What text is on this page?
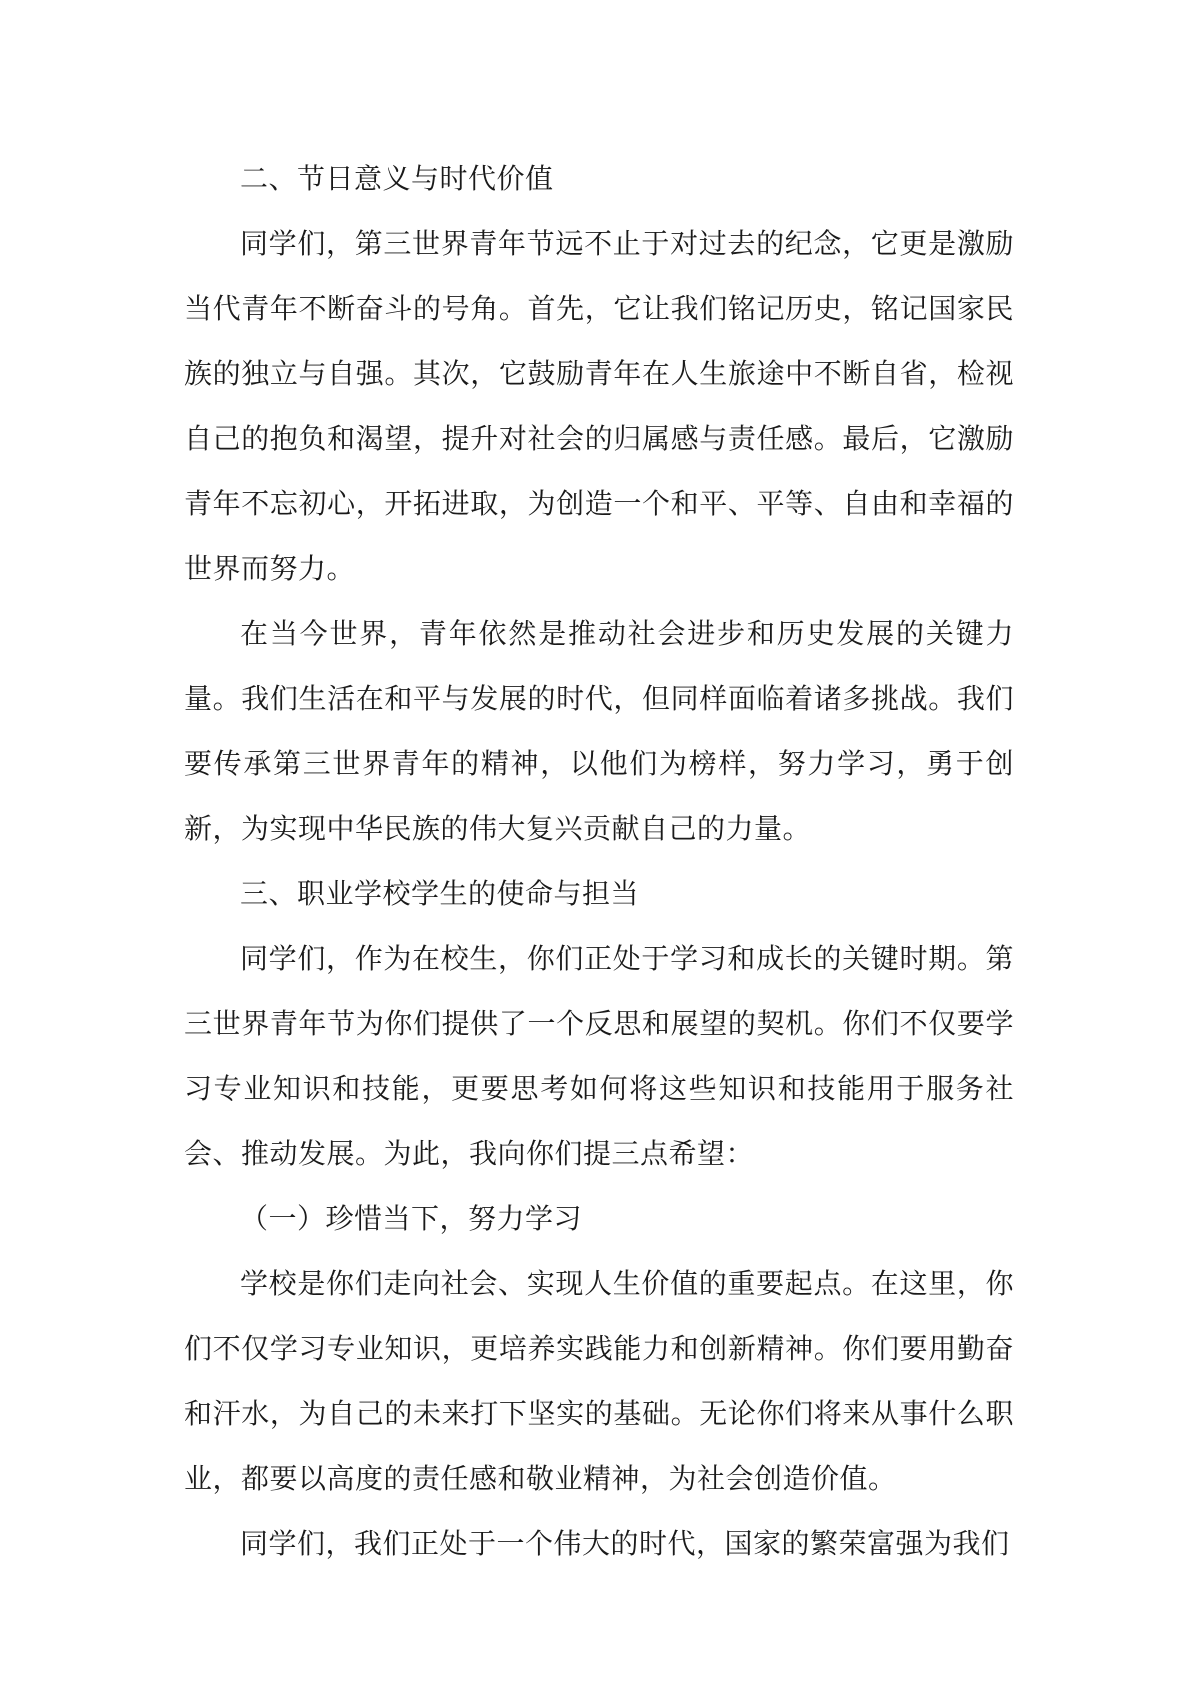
二、节日意义与时代价值

同学们，第三世界青年节远不止于对过去的纪念，它更是激励当代青年不断奋斗的号角。首先，它让我们铭记历史，铭记国家民族的独立与自强。其次，它鼓励青年在人生旅途中不断自省，检视自己的抱负和渴望，提升对社会的归属感与责任感。最后，它激励青年不忘初心，开拓进取，为创造一个和平、平等、自由和幸福的世界而努力。

在当今世界，青年依然是推动社会进步和历史发展的关键力量。我们生活在和平与发展的时代，但同样面临着诸多挑战。我们要传承第三世界青年的精神，以他们为榜样，努力学习，勇于创新，为实现中华民族的伟大复兴贡献自己的力量。

三、职业学校学生的使命与担当

同学们，作为在校生，你们正处于学习和成长的关键时期。第三世界青年节为你们提供了一个反思和展望的契机。你们不仅要学习专业知识和技能，更要思考如何将这些知识和技能用于服务社会、推动发展。为此，我向你们提三点希望：

（一）珍惜当下，努力学习

学校是你们走向社会、实现人生价值的重要起点。在这里，你们不仅学习专业知识，更培养实践能力和创新精神。你们要用勤奋和汗水，为自己的未来打下坚实的基础。无论你们将来从事什么职业，都要以高度的责任感和敬业精神，为社会创造价值。

同学们，我们正处于一个伟大的时代，国家的繁荣富强为我们
